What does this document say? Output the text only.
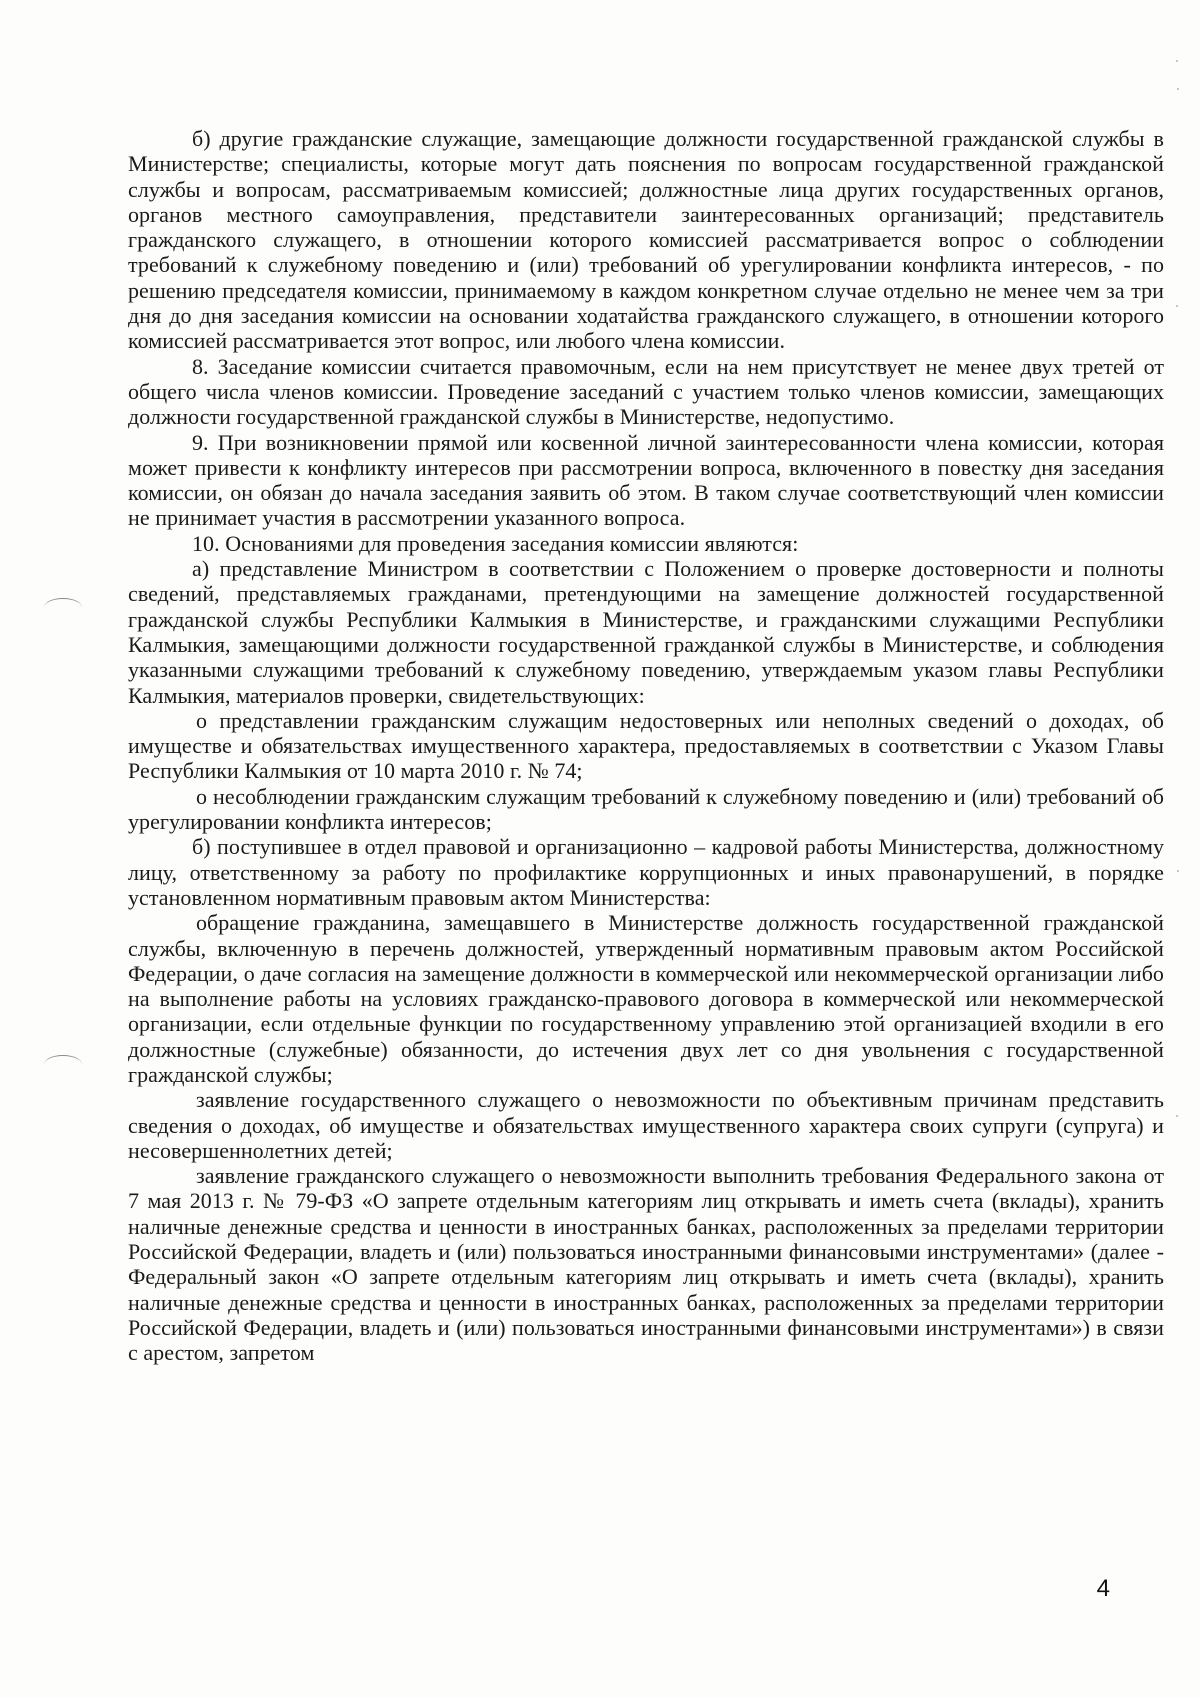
б) другие гражданские служащие, замещающие должности государственной гражданской службы в Министерстве; специалисты, которые могут дать пояснения по вопросам государственной гражданской службы и вопросам, рассматриваемым комиссией; должностные лица других государственных органов, органов местного самоуправления, представители заинтересованных организаций; представитель гражданского служащего, в отношении которого комиссией рассматривается вопрос о соблюдении требований к служебному поведению и (или) требований об урегулировании конфликта интересов, - по решению председателя комиссии, принимаемому в каждом конкретном случае отдельно не менее чем за три дня до дня заседания комиссии на основании ходатайства гражданского служащего, в отношении которого комиссией рассматривается этот вопрос, или любого члена комиссии.

8. Заседание комиссии считается правомочным, если на нем присутствует не менее двух третей от общего числа членов комиссии. Проведение заседаний с участием только членов комиссии, замещающих должности государственной гражданской службы в Министерстве, недопустимо.

9. При возникновении прямой или косвенной личной заинтересованности члена комиссии, которая может привести к конфликту интересов при рассмотрении вопроса, включенного в повестку дня заседания комиссии, он обязан до начала заседания заявить об этом. В таком случае соответствующий член комиссии не принимает участия в рассмотрении указанного вопроса.

10. Основаниями для проведения заседания комиссии являются:

а) представление Министром в соответствии с Положением о проверке достоверности и полноты сведений, представляемых гражданами, претендующими на замещение должностей государственной гражданской службы Республики Калмыкия в Министерстве, и гражданскими служащими Республики Калмыкия, замещающими должности государственной гражданкой службы в Министерстве, и соблюдения указанными служащими требований к служебному поведению, утверждаемым указом главы Республики Калмыкия, материалов проверки, свидетельствующих:

о представлении гражданским служащим недостоверных или неполных сведений о доходах, об имуществе и обязательствах имущественного характера, предоставляемых в соответствии с Указом Главы Республики Калмыкия от 10 марта 2010 г. № 74;

о несоблюдении гражданским служащим требований к служебному поведению и (или) требований об урегулировании конфликта интересов;

б) поступившее в отдел правовой и организационно – кадровой работы Министерства, должностному лицу, ответственному за работу по профилактике коррупционных и иных правонарушений, в порядке установленном нормативным правовым актом Министерства:

обращение гражданина, замещавшего в Министерстве должность государственной гражданской службы, включенную в перечень должностей, утвержденный нормативным правовым актом Российской Федерации, о даче согласия на замещение должности в коммерческой или некоммерческой организации либо на выполнение работы на условиях гражданско-правового договора в коммерческой или некоммерческой организации, если отдельные функции по государственному управлению этой организацией входили в его должностные (служебные) обязанности, до истечения двух лет со дня увольнения с государственной гражданской службы;

заявление государственного служащего о невозможности по объективным причинам представить сведения о доходах, об имуществе и обязательствах имущественного характера своих супруги (супруга) и несовершеннолетних детей;

заявление гражданского служащего о невозможности выполнить требования Федерального закона от 7 мая 2013 г. № 79-ФЗ «О запрете отдельным категориям лиц открывать и иметь счета (вклады), хранить наличные денежные средства и ценности в иностранных банках, расположенных за пределами территории Российской Федерации, владеть и (или) пользоваться иностранными финансовыми инструментами» (далее - Федеральный закон «О запрете отдельным категориям лиц открывать и иметь счета (вклады), хранить наличные денежные средства и ценности в иностранных банках, расположенных за пределами территории Российской Федерации, владеть и (или) пользоваться иностранными финансовыми инструментами») в связи с арестом, запретом

4
